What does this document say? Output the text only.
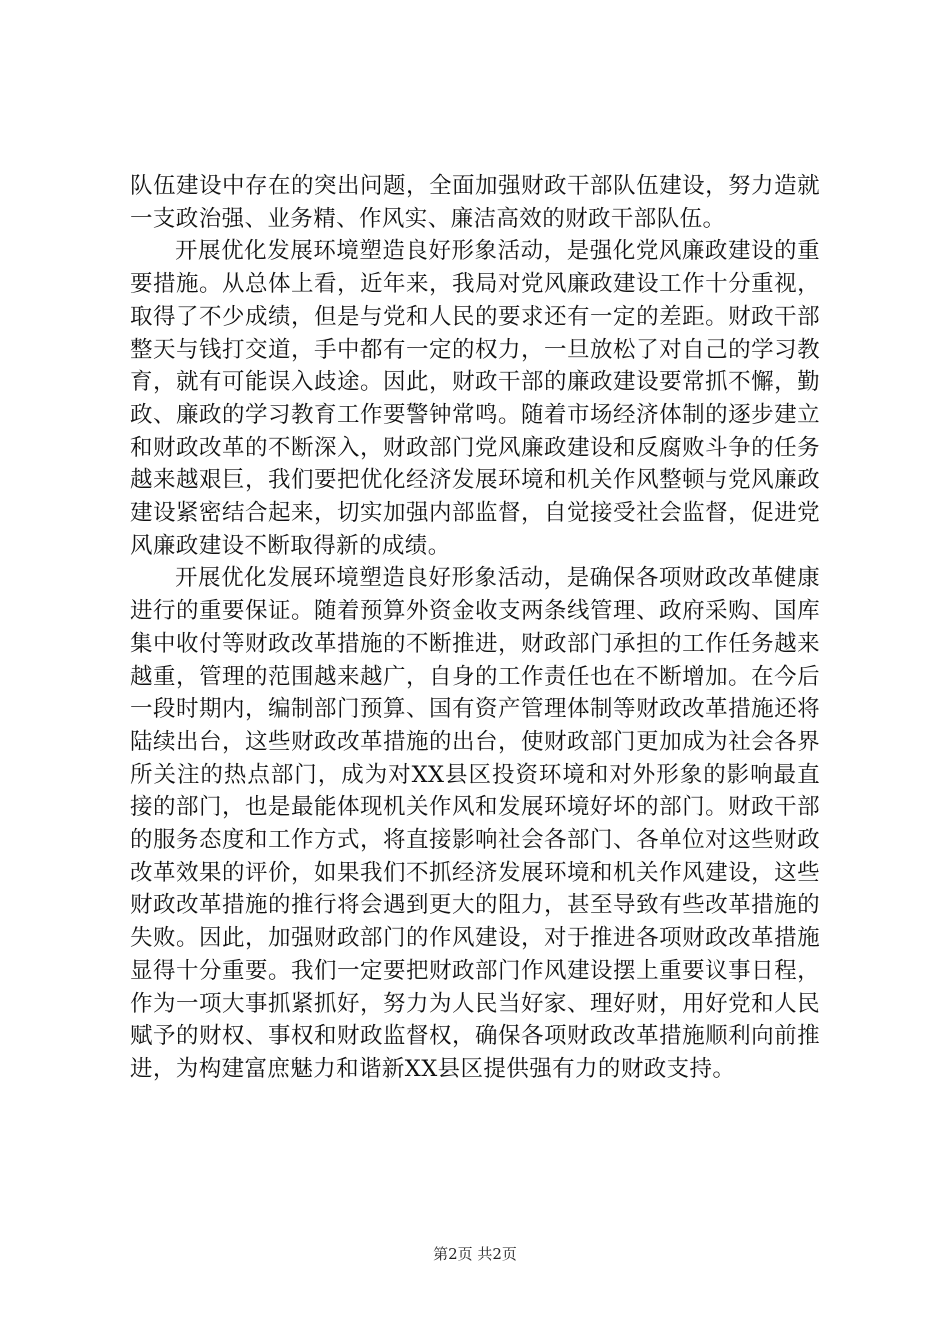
队伍建设中存在的突出问题，全面加强财政干部队伍建设，努力造就一支政治强、业务精、作风实、廉洁高效的财政干部队伍。

开展优化发展环境塑造良好形象活动，是强化党风廉政建设的重要措施。从总体上看，近年来，我局对党风廉政建设工作十分重视，取得了不少成绩，但是与党和人民的要求还有一定的差距。财政干部整天与钱打交道，手中都有一定的权力，一旦放松了对自己的学习教育，就有可能误入歧途。因此，财政干部的廉政建设要常抓不懈，勤政、廉政的学习教育工作要警钟常鸣。随着市场经济体制的逐步建立和财政改革的不断深入，财政部门党风廉政建设和反腐败斗争的任务越来越艰巨，我们要把优化经济发展环境和机关作风整顿与党风廉政建设紧密结合起来，切实加强内部监督，自觉接受社会监督，促进党风廉政建设不断取得新的成绩。

开展优化发展环境塑造良好形象活动，是确保各项财政改革健康进行的重要保证。随着预算外资金收支两条线管理、政府采购、国库集中收付等财政改革措施的不断推进，财政部门承担的工作任务越来越重，管理的范围越来越广，自身的工作责任也在不断增加。在今后一段时期内，编制部门预算、国有资产管理体制等财政改革措施还将陆续出台，这些财政改革措施的出台，使财政部门更加成为社会各界所关注的热点部门，成为对XX县区投资环境和对外形象的影响最直接的部门，也是最能体现机关作风和发展环境好坏的部门。财政干部的服务态度和工作方式，将直接影响社会各部门、各单位对这些财政改革效果的评价，如果我们不抓经济发展环境和机关作风建设，这些财政改革措施的推行将会遇到更大的阻力，甚至导致有些改革措施的失败。因此，加强财政部门的作风建设，对于推进各项财政改革措施显得十分重要。我们一定要把财政部门作风建设摆上重要议事日程，作为一项大事抓紧抓好，努力为人民当好家、理好财，用好党和人民赋予的财权、事权和财政监督权，确保各项财政改革措施顺利向前推进，为构建富庶魅力和谐新XX县区提供强有力的财政支持。

第2页 共2页
